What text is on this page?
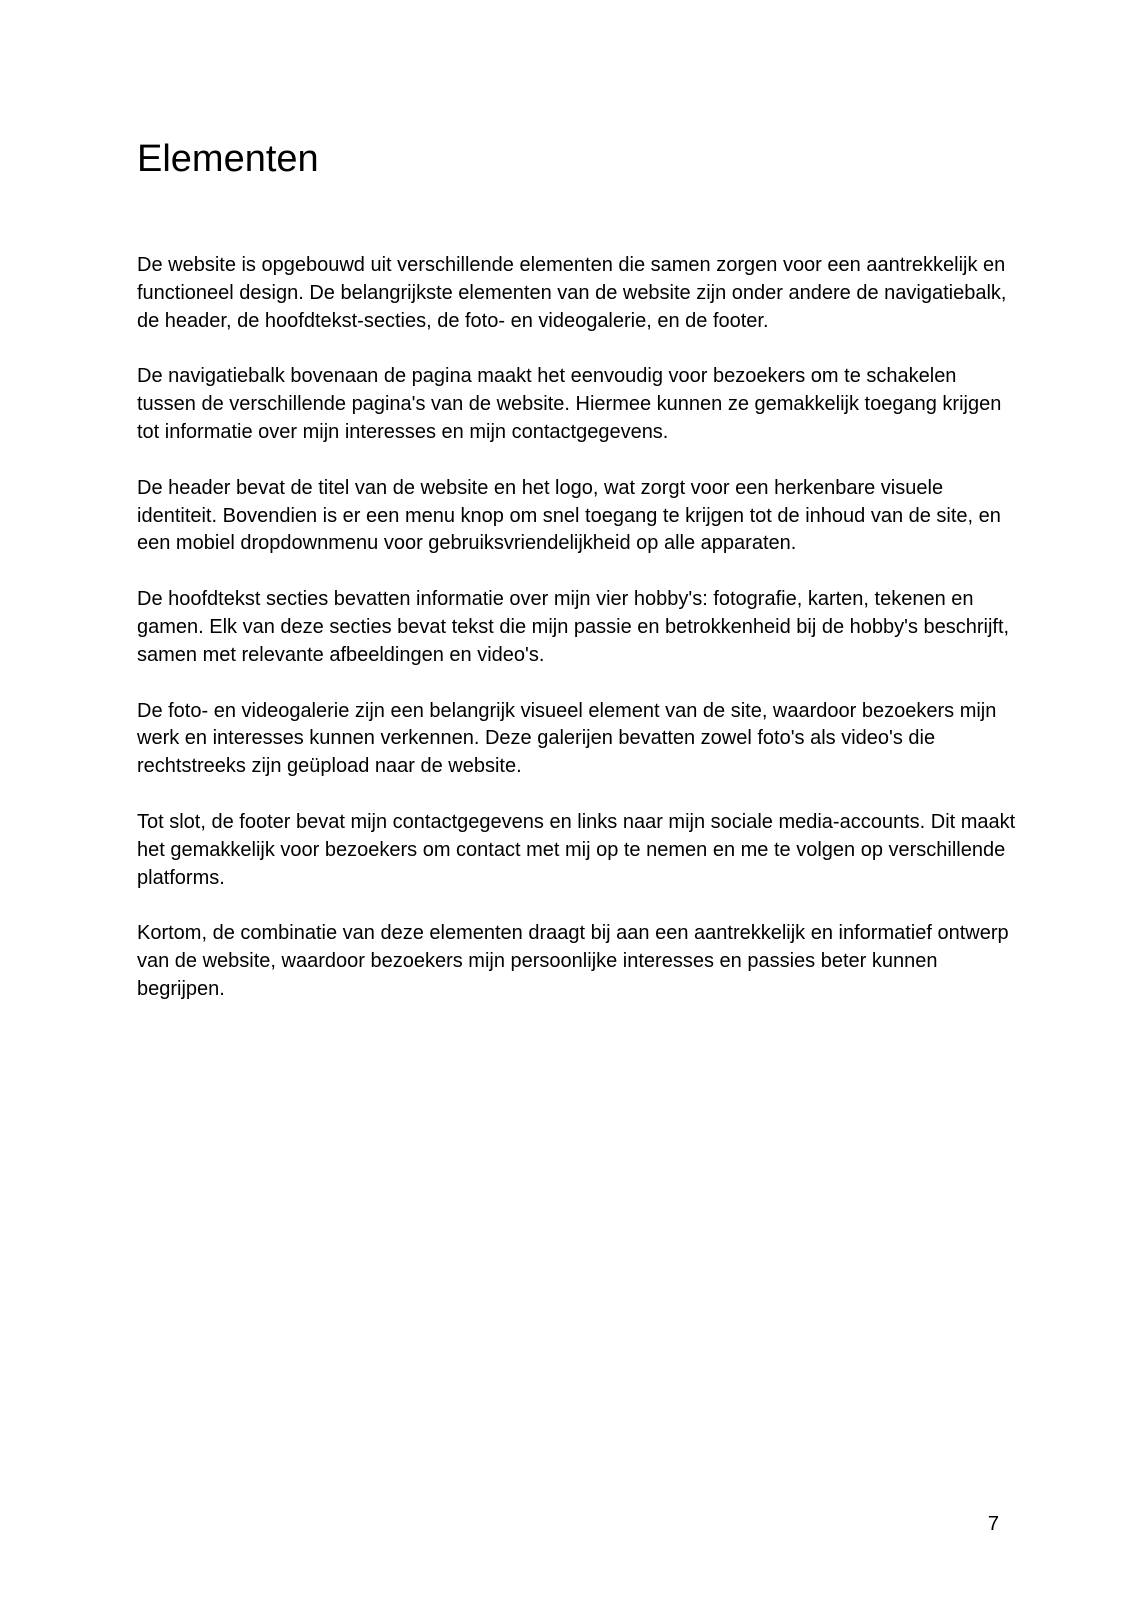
Elementen

De website is opgebouwd uit verschillende elementen die samen zorgen voor een aantrekkelijk en functioneel design. De belangrijkste elementen van de website zijn onder andere de navigatiebalk, de header, de hoofdtekst-secties, de foto- en videogalerie, en de footer.

De navigatiebalk bovenaan de pagina maakt het eenvoudig voor bezoekers om te schakelen tussen de verschillende pagina's van de website. Hiermee kunnen ze gemakkelijk toegang krijgen tot informatie over mijn interesses en mijn contactgegevens.

De header bevat de titel van de website en het logo, wat zorgt voor een herkenbare visuele identiteit. Bovendien is er een menu knop om snel toegang te krijgen tot de inhoud van de site, en een mobiel dropdownmenu voor gebruiksvriendelijkheid op alle apparaten.

De hoofdtekst secties bevatten informatie over mijn vier hobby's: fotografie, karten, tekenen en gamen. Elk van deze secties bevat tekst die mijn passie en betrokkenheid bij de hobby's beschrijft, samen met relevante afbeeldingen en video's.

De foto- en videogalerie zijn een belangrijk visueel element van de site, waardoor bezoekers mijn werk en interesses kunnen verkennen. Deze galerijen bevatten zowel foto's als video's die rechtstreeks zijn geüpload naar de website.

Tot slot, de footer bevat mijn contactgegevens en links naar mijn sociale media-accounts. Dit maakt het gemakkelijk voor bezoekers om contact met mij op te nemen en me te volgen op verschillende platforms.

Kortom, de combinatie van deze elementen draagt bij aan een aantrekkelijk en informatief ontwerp van de website, waardoor bezoekers mijn persoonlijke interesses en passies beter kunnen begrijpen.

7
